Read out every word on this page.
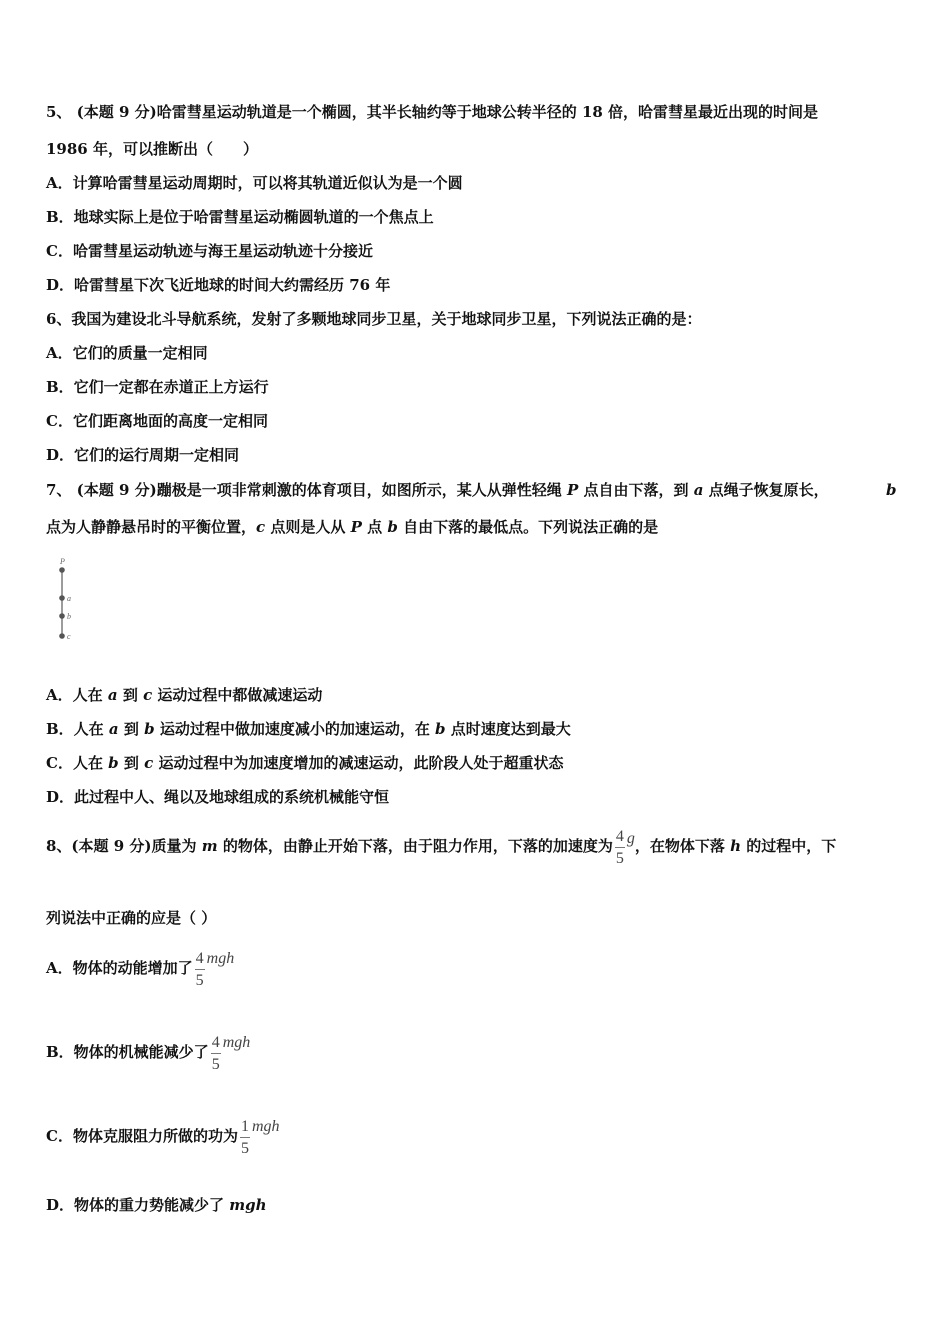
5、 (本题 9 分)哈雷彗星运动轨道是一个椭圆，其半长轴约等于地球公转半径的 18 倍，哈雷彗星最近出现的时间是
1986 年，可以推断出（　　）
A．计算哈雷彗星运动周期时，可以将其轨道近似认为是一个圆
B．地球实际上是位于哈雷彗星运动椭圆轨道的一个焦点上
C．哈雷彗星运动轨迹与海王星运动轨迹十分接近
D．哈雷彗星下次飞近地球的时间大约需经历 76 年
6、我国为建设北斗导航系统，发射了多颗地球同步卫星，关于地球同步卫星，下列说法正确的是：
A．它们的质量一定相同
B．它们一定都在赤道正上方运行
C．它们距离地面的高度一定相同
D．它们的运行周期一定相同
7、 (本题 9 分)蹦极是一项非常刺激的体育项目，如图所示，某人从弹性轻绳 P 点自由下落，到 a 点绳子恢复原长，	b
点为人静静悬吊时的平衡位置，c 点则是人从 P 点 b 自由下落的最低点。下列说法正确的是
P
a
b
c
A．人在 a 到 c 运动过程中都做减速运动
B．人在 a 到 b 运动过程中做加速度减小的加速运动，在 b 点时速度达到最大
C．人在 b 到 c 运动过程中为加速度增加的减速运动，此阶段人处于超重状态
D．此过程中人、绳以及地球组成的系统机械能守恒
8、(本题 9 分)质量为 m 的物体，由静止开始下落，由于阻力作用，下落的加速度为 $\frac{4}{5}$ g，在物体下落 h 的过程中，下
列说法中正确的应是（ ）
A．物体的动能增加了 $\frac{4}{5}$ mgh
B．物体的机械能减少了 $\frac{4}{5}$ mgh
C．物体克服阻力所做的功为 $\frac{1}{5}$ mgh
D．物体的重力势能减少了 mgh
